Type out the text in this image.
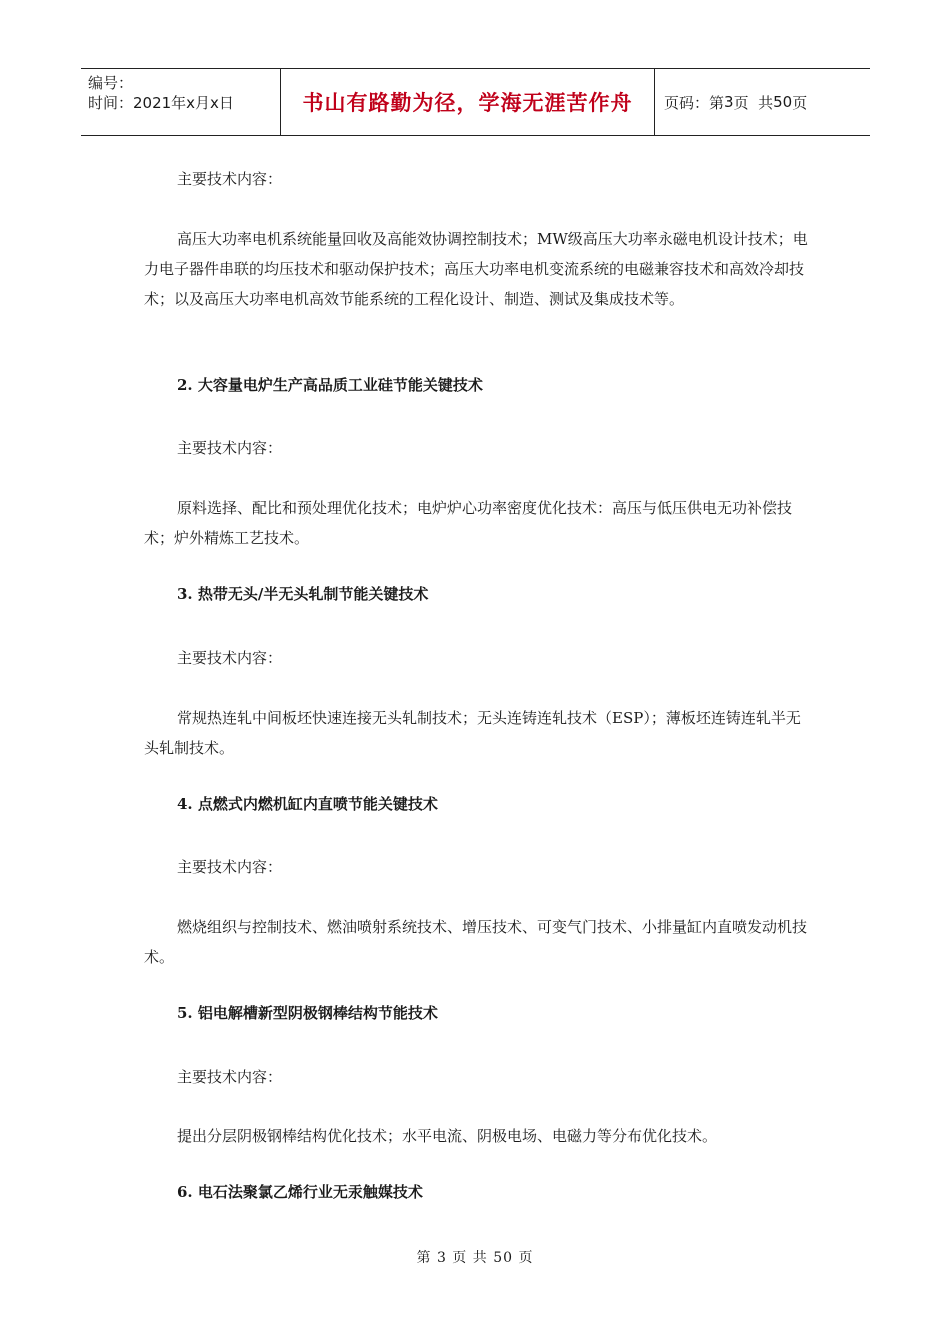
编号：
时间：2021年x月x日	书山有路勤为径，学海无涯苦作舟 页码：第 3 页  共 50 页

主要技术内容：

高压大功率电机系统能量回收及高能效协调控制技术；MW级高压大功率永磁电机设计技术；电力电子器件串联的均压技术和驱动保护技术；高压大功率电机变流系统的电磁兼容技术和高效冷却技术；以及高压大功率电机高效节能系统的工程化设计、制造、测试及集成技术等。

2. 大容量电炉生产高品质工业硅节能关键技术

主要技术内容：

原料选择、配比和预处理优化技术；电炉炉心功率密度优化技术：高压与低压供电无功补偿技术；炉外精炼工艺技术。

3. 热带无头/半无头轧制节能关键技术

主要技术内容：

常规热连轧中间板坯快速连接无头轧制技术；无头连铸连轧技术（ESP）；薄板坯连铸连轧半无头轧制技术。

4. 点燃式内燃机缸内直喷节能关键技术

主要技术内容：

燃烧组织与控制技术、燃油喷射系统技术、增压技术、可变气门技术、小排量缸内直喷发动机技术。

5. 铝电解槽新型阴极钢棒结构节能技术

主要技术内容：

提出分层阴极钢棒结构优化技术；水平电流、阴极电场、电磁力等分布优化技术。

6. 电石法聚氯乙烯行业无汞触媒技术

第 3 页 共 50 页
